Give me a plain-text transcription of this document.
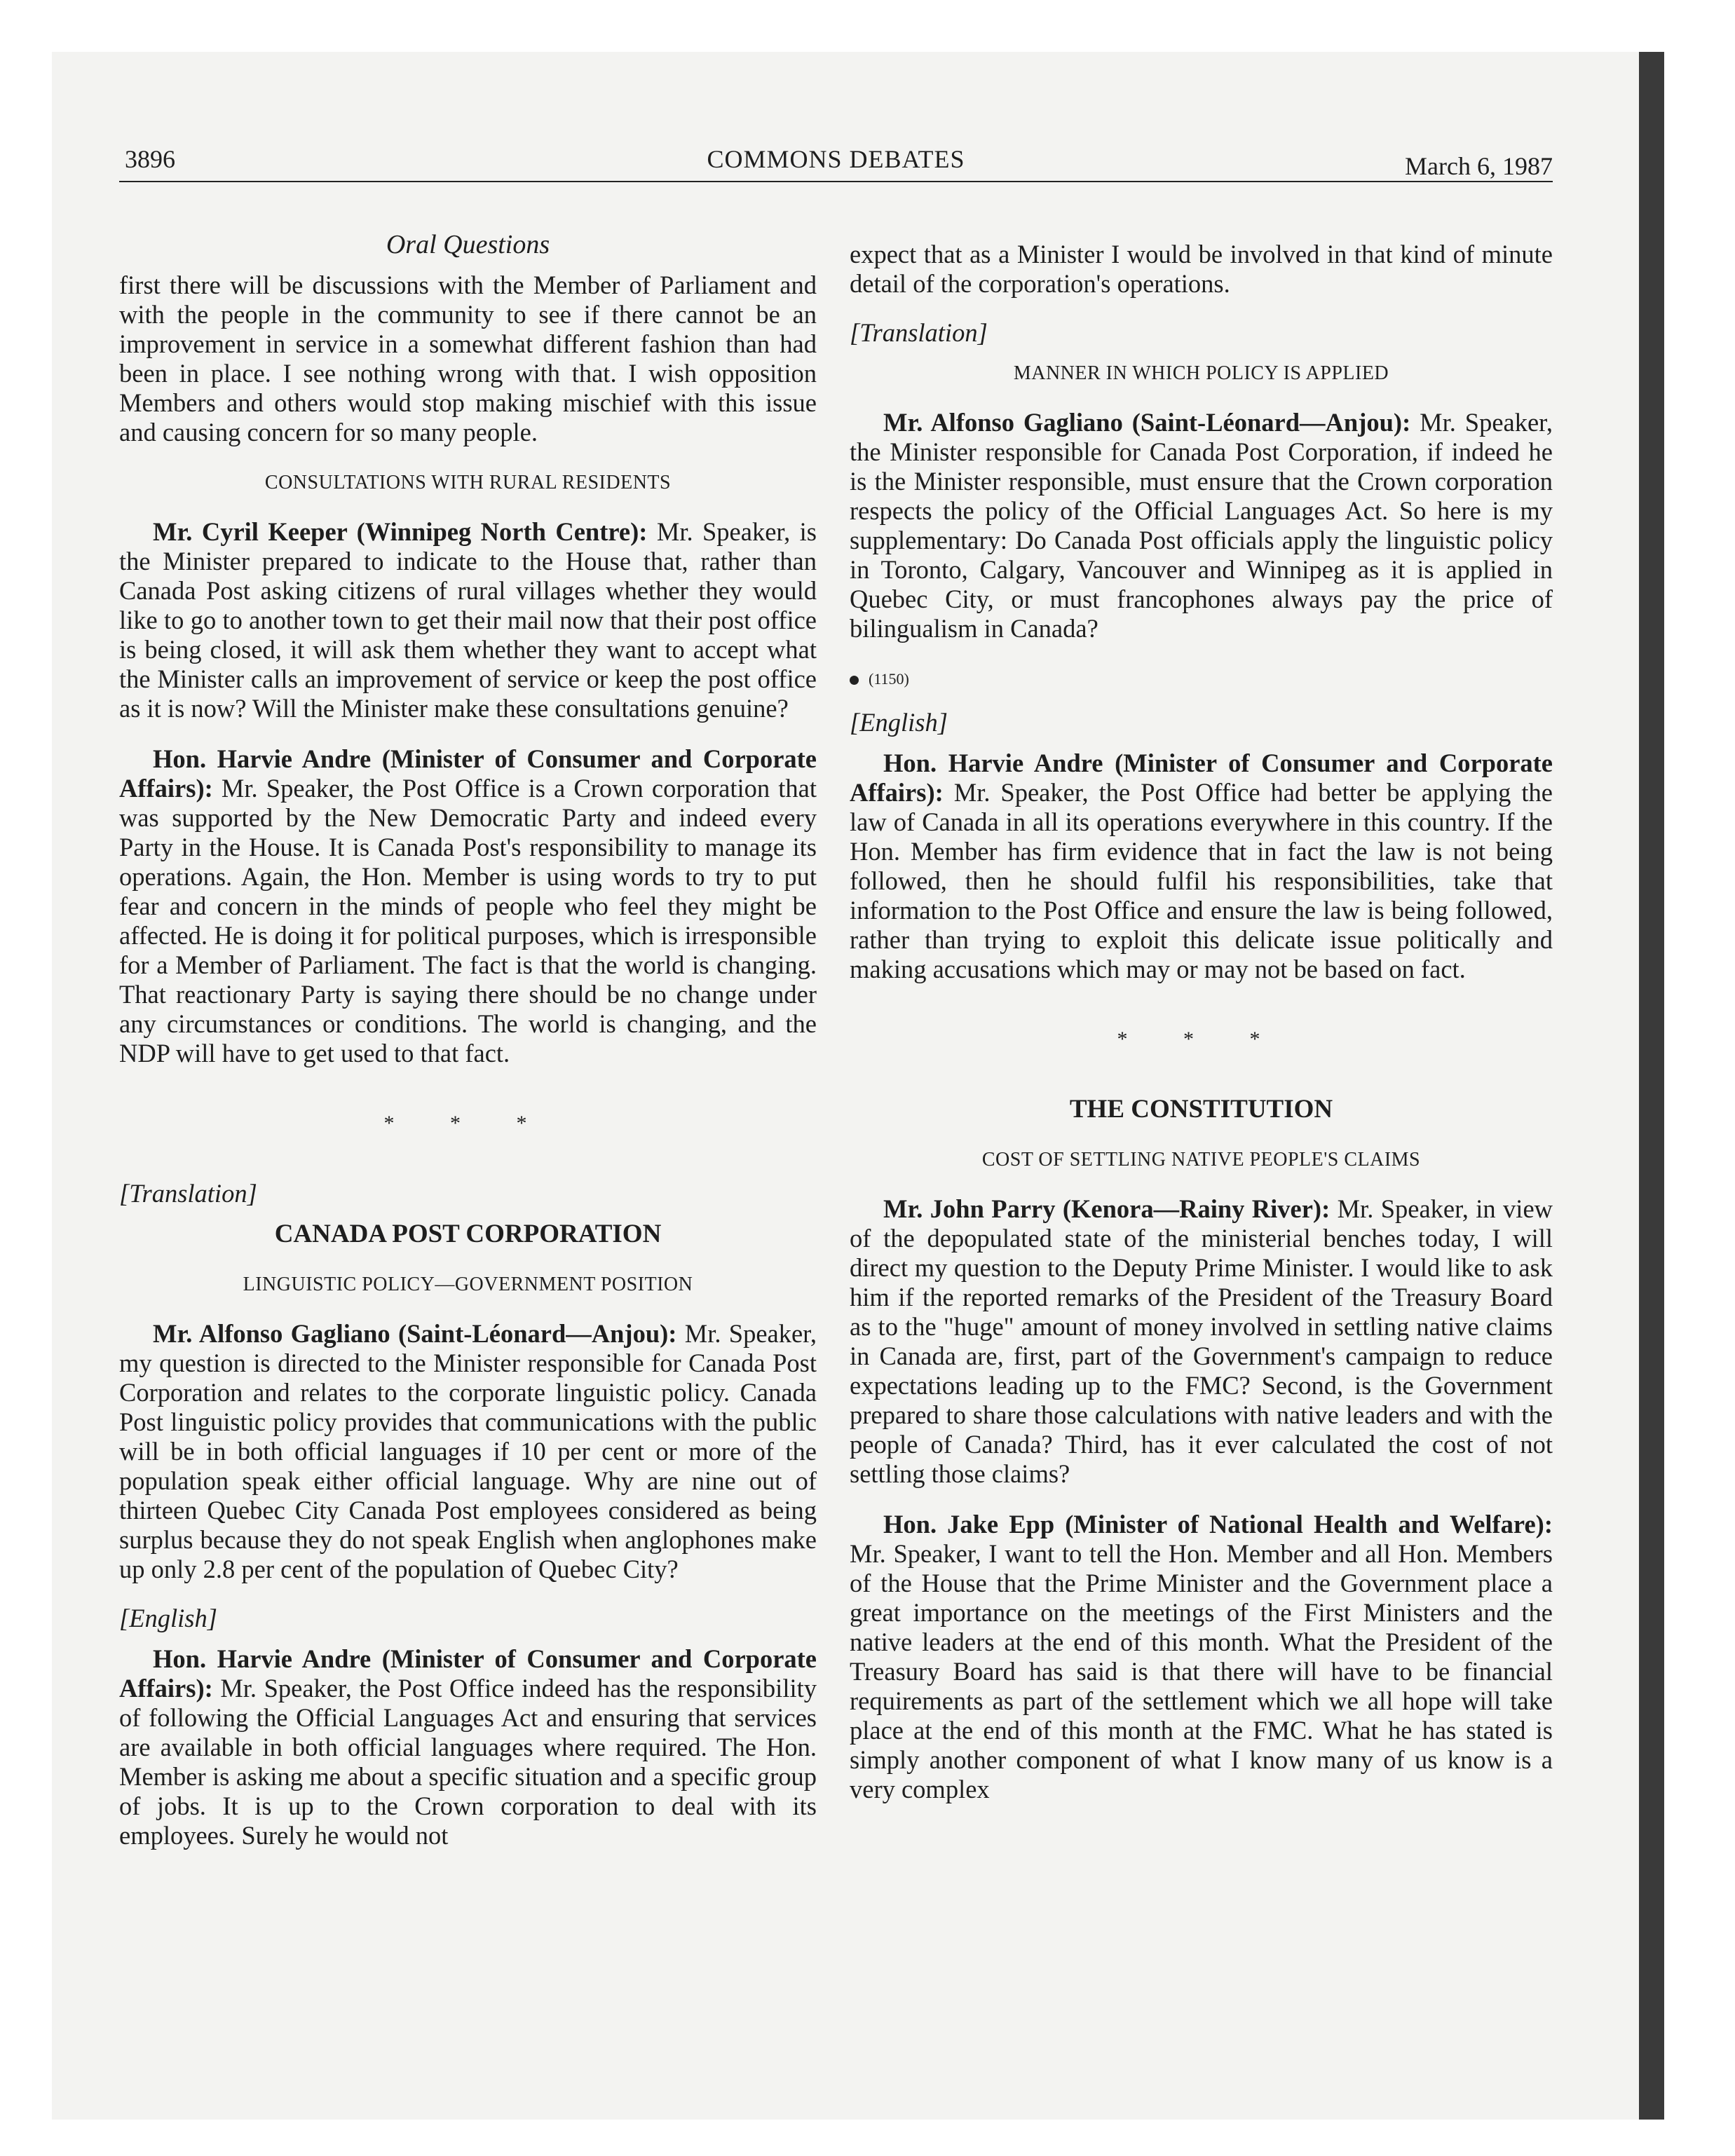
3896	COMMONS DEBATES	March 6, 1987
Oral Questions

first there will be discussions with the Member of Parliament and with the people in the community to see if there cannot be an improvement in service in a somewhat different fashion than had been in place. I see nothing wrong with that. I wish opposition Members and others would stop making mischief with this issue and causing concern for so many people.

CONSULTATIONS WITH RURAL RESIDENTS

Mr. Cyril Keeper (Winnipeg North Centre): Mr. Speaker, is the Minister prepared to indicate to the House that, rather than Canada Post asking citizens of rural villages whether they would like to go to another town to get their mail now that their post office is being closed, it will ask them whether they want to accept what the Minister calls an improvement of service or keep the post office as it is now? Will the Minister make these consultations genuine?

Hon. Harvie Andre (Minister of Consumer and Corporate Affairs): Mr. Speaker, the Post Office is a Crown corporation that was supported by the New Democratic Party and indeed every Party in the House. It is Canada Post's responsibility to manage its operations. Again, the Hon. Member is using words to try to put fear and concern in the minds of people who feel they might be affected. He is doing it for political purposes, which is irresponsible for a Member of Parliament. The fact is that the world is changing. That reactionary Party is saying there should be no change under any circumstances or conditions. The world is changing, and the NDP will have to get used to that fact.

* * *
[Translation]
CANADA POST CORPORATION
LINGUISTIC POLICY—GOVERNMENT POSITION

Mr. Alfonso Gagliano (Saint-Léonard—Anjou): Mr. Speaker, my question is directed to the Minister responsible for Canada Post Corporation and relates to the corporate linguistic policy. Canada Post linguistic policy provides that communications with the public will be in both official languages if 10 per cent or more of the population speak either official language. Why are nine out of thirteen Quebec City Canada Post employees considered as being surplus because they do not speak English when anglophones make up only 2.8 per cent of the population of Quebec City?

[English]

Hon. Harvie Andre (Minister of Consumer and Corporate Affairs): Mr. Speaker, the Post Office indeed has the responsibility of following the Official Languages Act and ensuring that services are available in both official languages where required. The Hon. Member is asking me about a specific situation and a specific group of jobs. It is up to the Crown corporation to deal with its employees. Surely he would not

expect that as a Minister I would be involved in that kind of minute detail of the corporation's operations.

[Translation]
MANNER IN WHICH POLICY IS APPLIED

Mr. Alfonso Gagliano (Saint-Léonard—Anjou): Mr. Speaker, the Minister responsible for Canada Post Corporation, if indeed he is the Minister responsible, must ensure that the Crown corporation respects the policy of the Official Languages Act. So here is my supplementary: Do Canada Post officials apply the linguistic policy in Toronto, Calgary, Vancouver and Winnipeg as it is applied in Quebec City, or must francophones always pay the price of bilingualism in Canada?

(1150)
[English]

Hon. Harvie Andre (Minister of Consumer and Corporate Affairs): Mr. Speaker, the Post Office had better be applying the law of Canada in all its operations everywhere in this country. If the Hon. Member has firm evidence that in fact the law is not being followed, then he should fulfil his responsibilities, take that information to the Post Office and ensure the law is being followed, rather than trying to exploit this delicate issue politically and making accusations which may or may not be based on fact.

* * *
THE CONSTITUTION
COST OF SETTLING NATIVE PEOPLE'S CLAIMS

Mr. John Parry (Kenora—Rainy River): Mr. Speaker, in view of the depopulated state of the ministerial benches today, I will direct my question to the Deputy Prime Minister. I would like to ask him if the reported remarks of the President of the Treasury Board as to the "huge" amount of money involved in settling native claims in Canada are, first, part of the Government's campaign to reduce expectations leading up to the FMC? Second, is the Government prepared to share those calculations with native leaders and with the people of Canada? Third, has it ever calculated the cost of not settling those claims?

Hon. Jake Epp (Minister of National Health and Welfare): Mr. Speaker, I want to tell the Hon. Member and all Hon. Members of the House that the Prime Minister and the Government place a great importance on the meetings of the First Ministers and the native leaders at the end of this month. What the President of the Treasury Board has said is that there will have to be financial requirements as part of the settlement which we all hope will take place at the end of this month at the FMC. What he has stated is simply another component of what I know many of us know is a very complex
